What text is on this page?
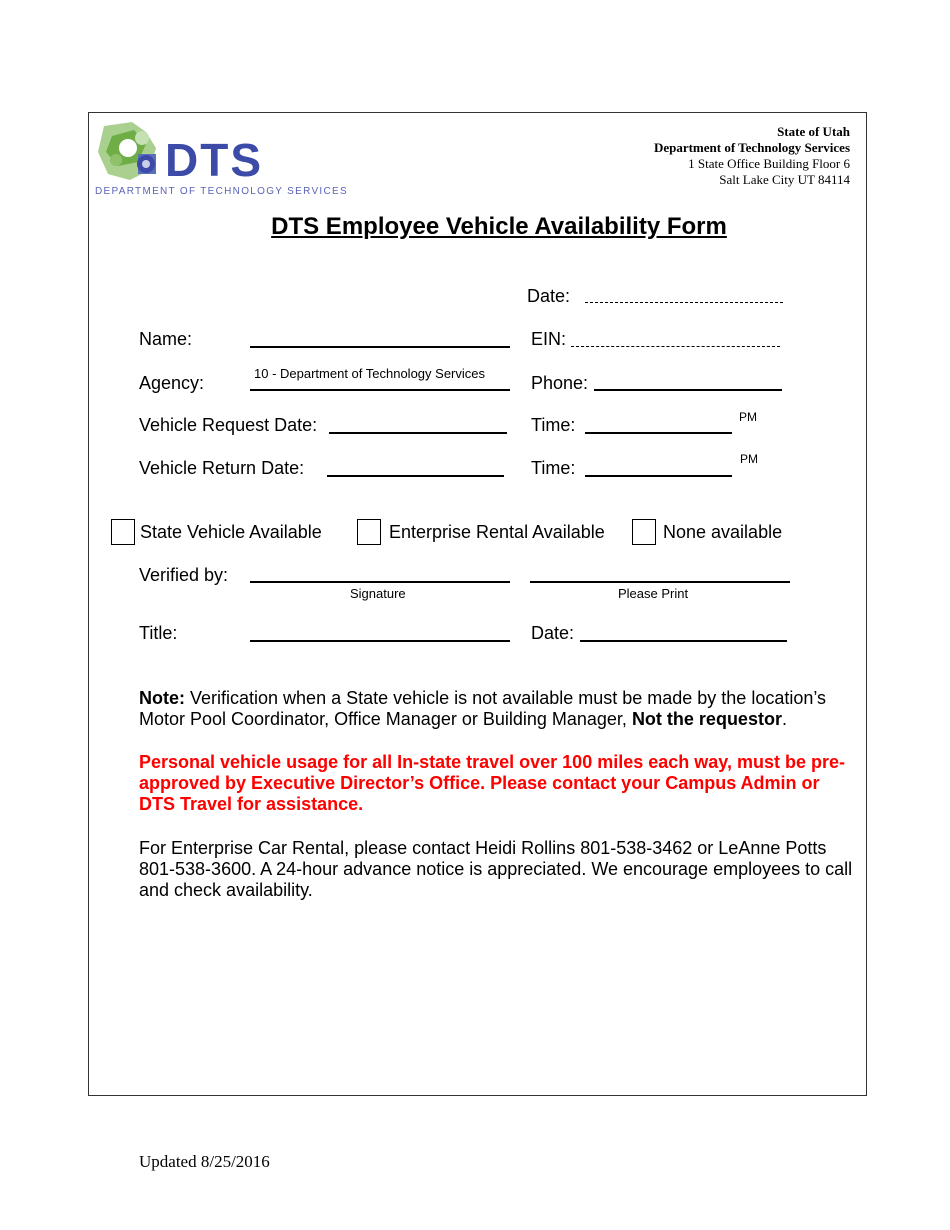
DTS
DEPARTMENT OF TECHNOLOGY SERVICES
State of Utah
Department of Technology Services
1 State Office Building Floor 6
Salt Lake City UT 84114
DTS Employee Vehicle Availability Form
Date:
Name:	EIN:
Agency:	10 - Department of Technology Services	Phone:
Vehicle Request Date:	Time:	PM
Vehicle Return Date:	Time:	PM
State Vehicle Available	Enterprise Rental Available	None available
Verified by:
Signature	Please Print
Title:	Date:
Note: Verification when a State vehicle is not available must be made by the location’s Motor Pool Coordinator, Office Manager or Building Manager, Not the requestor.
Personal vehicle usage for all In-state travel over 100 miles each way, must be pre-approved by Executive Director’s Office. Please contact your Campus Admin or DTS Travel for assistance.
For Enterprise Car Rental, please contact Heidi Rollins 801-538-3462 or LeAnne Potts 801-538-3600. A 24-hour advance notice is appreciated. We encourage employees to call and check availability.
Updated 8/25/2016
